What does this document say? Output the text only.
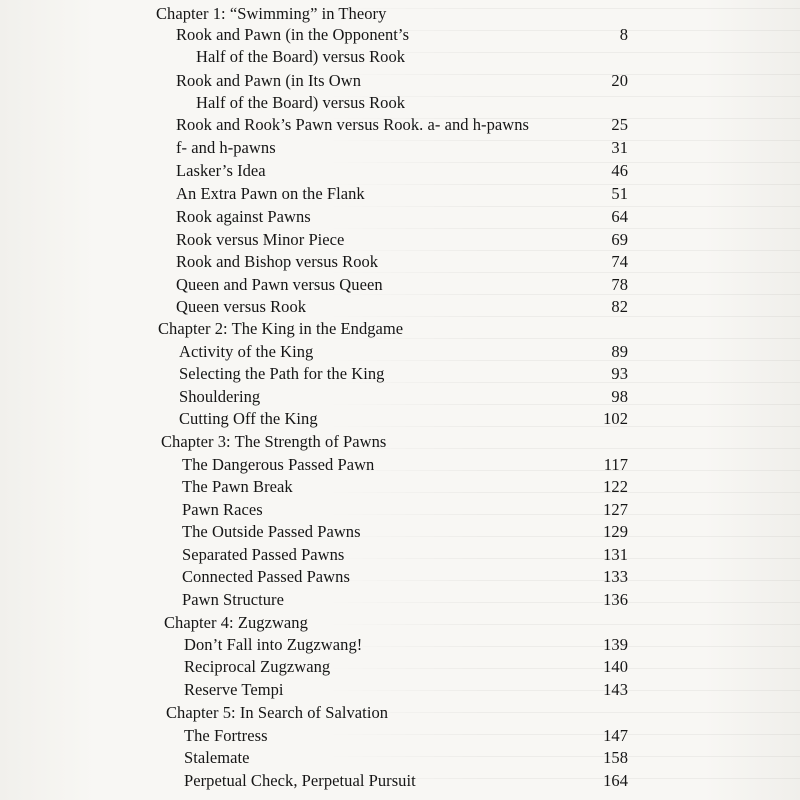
Chapter 1: “Swimming” in Theory
Rook and Pawn (in the Opponent’s	8
Half of the Board) versus Rook
Rook and Pawn (in Its Own	20
Half of the Board) versus Rook
Rook and Rook’s Pawn versus Rook. a- and h-pawns	25
f- and h-pawns	31
Lasker’s Idea	46
An Extra Pawn on the Flank	51
Rook against Pawns	64
Rook versus Minor Piece	69
Rook and Bishop versus Rook	74
Queen and Pawn versus Queen	78
Queen versus Rook	82
Chapter 2: The King in the Endgame
Activity of the King	89
Selecting the Path for the King	93
Shouldering	98
Cutting Off the King	102
Chapter 3: The Strength of Pawns
The Dangerous Passed Pawn	117
The Pawn Break	122
Pawn Races	127
The Outside Passed Pawns	129
Separated Passed Pawns	131
Connected Passed Pawns	133
Pawn Structure	136
Chapter 4: Zugzwang
Don’t Fall into Zugzwang!	139
Reciprocal Zugzwang	140
Reserve Tempi	143
Chapter 5: In Search of Salvation
The Fortress	147
Stalemate	158
Perpetual Check, Perpetual Pursuit	164
